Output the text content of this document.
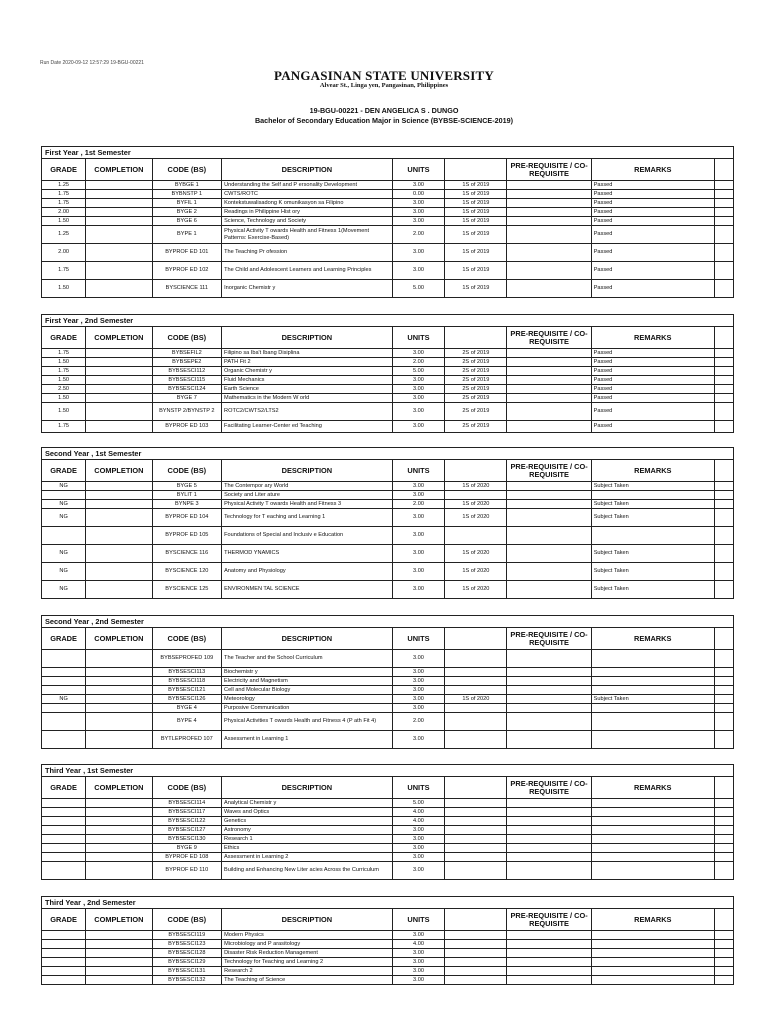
Run Date 2020-09-12 12:57:29 19-BGU-00221
PANGASINAN STATE UNIVERSITY
Alvear St., Linga yen, Pangasinan, Philippines
19-BGU-00221 - DEN ANGELICA S . DUNGO
Bachelor of Secondary Education Major in Science (BYBSE-SCIENCE-2019)
First Year , 1st Semester								
GRADE	COMPLETION	CODE (BS)	DESCRIPTION	UNITS		PRE-REQUISITE / CO-REQUISITE	REMARKS	
1.25		BYBGE 1	Understanding the Self and P ersonality Development	3.00	1S of 2019		Passed	
1.75		BYBNSTP 1	CWTS/ROTC	0.00	1S of 2019		Passed	
1.75		BYFIL 1	Kontekstuwalisadong K omunikasyon sa Filipino	3.00	1S of 2019		Passed	
2.00		BYGE 2	Readings in Philippine Hist ory	3.00	1S of 2019		Passed	
1.50		BYGE 6	Science, Technology and Society	3.00	1S of 2019		Passed	
1.25		BYPE 1	Physical Activity T owards Health and Fitness 1(Movement Patterns: Exercise-Based)	2.00	1S of 2019		Passed	
2.00		BYPROF ED 101	The Teaching Pr ofession	3.00	1S of 2019		Passed	
1.75		BYPROF ED 102	The Child and Adolescent Learners and Learning Principles	3.00	1S of 2019		Passed	
1.50		BYSCIENCE 111	Inorganic Chemistr y	5.00	1S of 2019		Passed	
First Year , 2nd Semester								
GRADE	COMPLETION	CODE (BS)	DESCRIPTION	UNITS		PRE-REQUISITE / CO-REQUISITE	REMARKS	
1.75		BYBSEFIL2	Filipino sa Iba't Ibang Disiplina	3.00	2S of 2019		Passed	
1.50		BYBSEPE2	PATH Fit 2	2.00	2S of 2019		Passed	
1.75		BYBSESCI112	Organic Chemistr y	5.00	2S of 2019		Passed	
1.50		BYBSESCI115	Fluid Mechanics	3.00	2S of 2019		Passed	
2.50		BYBSESCI124	Earth Science	3.00	2S of 2019		Passed	
1.50		BYGE 7	Mathematics in the Modern W orld	3.00	2S of 2019		Passed	
1.50		BYNSTP 2/BYNSTP 2	ROTC2/CWTS2/LTS2	3.00	2S of 2019		Passed	
1.75		BYPROF ED 103	Facilitating Learner-Center ed Teaching	3.00	2S of 2019		Passed	
Second Year , 1st Semester								
GRADE	COMPLETION	CODE (BS)	DESCRIPTION	UNITS		PRE-REQUISITE / CO-REQUISITE	REMARKS	
NG		BYGE 5	The Contempor ary World	3.00	1S of 2020		Subject Taken	
		BYLIT 1	Society and Liter ature	3.00				
NG		BYNPE 3	Physical Activity T owards Health and Fitness 3	2.00	1S of 2020		Subject Taken	
NG		BYPROF ED 104	Technology for T eaching and Learning 1	3.00	1S of 2020		Subject Taken	
		BYPROF ED 105	Foundations of Special and Inclusiv e Education	3.00				
NG		BYSCIENCE 116	THERMOD YNAMICS	3.00	1S of 2020		Subject Taken	
NG		BYSCIENCE 120	Anatomy and Physiology	3.00	1S of 2020		Subject Taken	
NG		BYSCIENCE 125	ENVIRONMEN TAL SCIENCE	3.00	1S of 2020		Subject Taken	
Second Year , 2nd Semester								
GRADE	COMPLETION	CODE (BS)	DESCRIPTION	UNITS		PRE-REQUISITE / CO-REQUISITE	REMARKS	
		BYBSEPROFED 109	The Teacher and the School Curriculum	3.00				
		BYBSESCI113	Biochemistr y	3.00				
		BYBSESCI118	Electricity and Magnetism	3.00				
		BYBSESCI121	Cell and Molecular Biology	3.00				
NG		BYBSESCI126	Meteorology	3.00	1S of 2020		Subject Taken	
		BYGE 4	Purposive Communication	3.00				
		BYPE 4	Physical Activities T owards Health and Fitness 4 (P ath Fit 4)	2.00				
		BYTLEPROFED 107	Assessment in Learning 1	3.00				
Third Year , 1st Semester								
GRADE	COMPLETION	CODE (BS)	DESCRIPTION	UNITS		PRE-REQUISITE / CO-REQUISITE	REMARKS	
		BYBSESCI114	Analytical Chemistr y	5.00				
		BYBSESCI117	Waves and Optics	4.00				
		BYBSESCI122	Genetics	4.00				
		BYBSESCI127	Astronomy	3.00				
		BYBSESCI130	Research 1	3.00				
		BYGE 9	Ethics	3.00				
		BYPROF ED 108	Assessment in Learning 2	3.00				
		BYPROF ED 110	Building and Enhancing New Liter acies Across the Curriculum	3.00				
Third Year , 2nd Semester								
GRADE	COMPLETION	CODE (BS)	DESCRIPTION	UNITS		PRE-REQUISITE / CO-REQUISITE	REMARKS	
		BYBSESCI119	Modern Physics	3.00				
		BYBSESCI123	Microbiology and P arasitology	4.00				
		BYBSESCI128	Disaster Risk Reduction Management	3.00				
		BYBSESCI129	Technology for Teaching and Learning 2	3.00				
		BYBSESCI131	Research 2	3.00				
		BYBSESCI132	The Teaching of Science	3.00				
